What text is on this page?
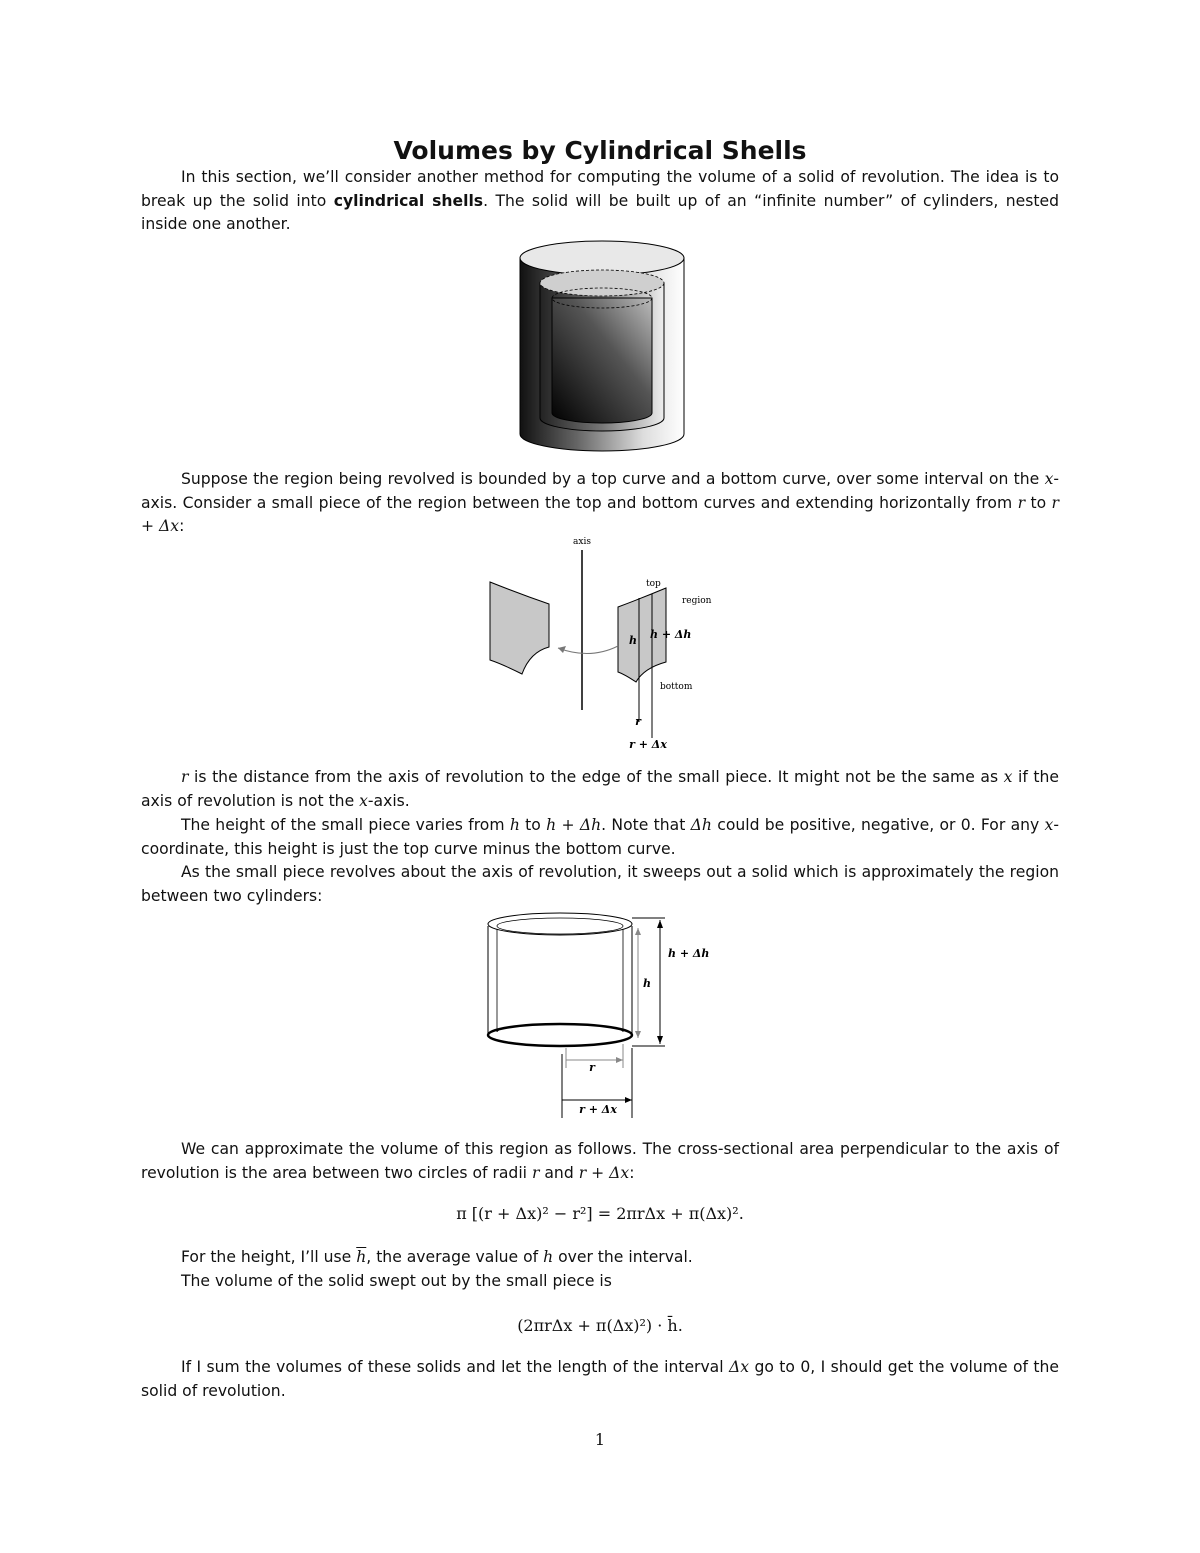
Volumes by Cylindrical Shells

In this section, we’ll consider another method for computing the volume of a solid of revolution. The idea is to break up the solid into cylindrical shells. The solid will be built up of an “infinite number” of cylinders, nested inside one another.

Suppose the region being revolved is bounded by a top curve and a bottom curve, over some interval on the x-axis. Consider a small piece of the region between the top and bottom curves and extending horizontally from r to r + Δx:

axis
top
region
h h + Δh
bottom
r
r + Δx

r is the distance from the axis of revolution to the edge of the small piece. It might not be the same as x if the axis of revolution is not the x-axis.

The height of the small piece varies from h to h + Δh. Note that Δh could be positive, negative, or 0. For any x-coordinate, this height is just the top curve minus the bottom curve.

As the small piece revolves about the axis of revolution, it sweeps out a solid which is approximately the region between two cylinders:

h + Δh
h
r
r + Δx

We can approximate the volume of this region as follows. The cross-sectional area perpendicular to the axis of revolution is the area between two circles of radii r and r + Δx:

π [(r + Δx)² − r²] = 2πrΔx + π(Δx)².

For the height, I’ll use $\overline{h}$, the average value of h over the interval.

The volume of the solid swept out by the small piece is

(2πrΔx + π(Δx)²) · h̄.

If I sum the volumes of these solids and let the length of the interval Δx go to 0, I should get the volume of the solid of revolution.

1
